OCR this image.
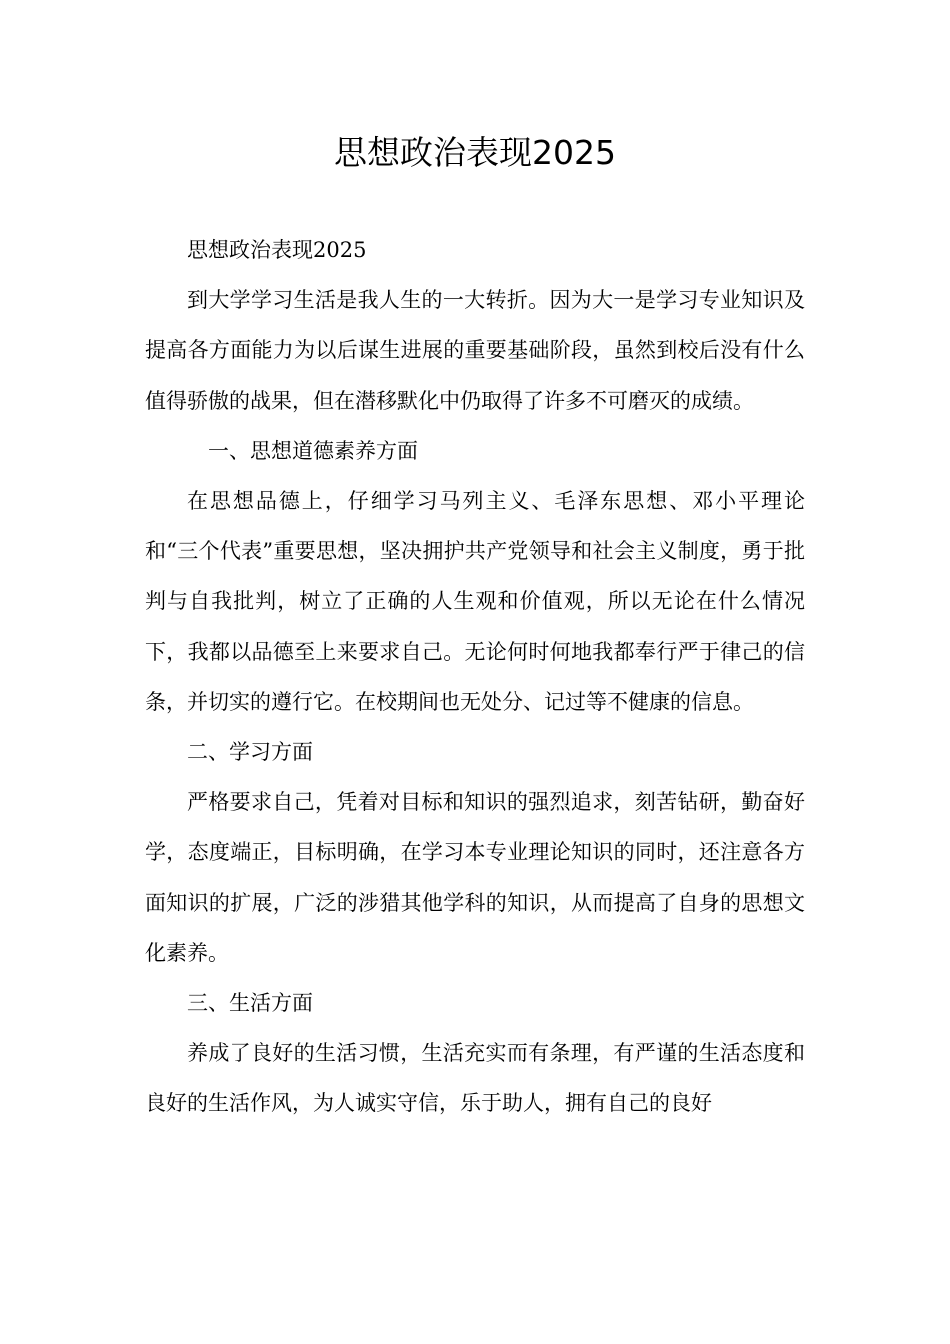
思想政治表现2025

思想政治表现2025

到大学学习生活是我人生的一大转折。因为大一是学习专业知识及提高各方面能力为以后谋生进展的重要基础阶段，虽然到校后没有什么值得骄傲的战果，但在潜移默化中仍取得了许多不可磨灭的成绩。

一、思想道德素养方面

在思想品德上，仔细学习马列主义、毛泽东思想、邓小平理论和“三个代表”重要思想，坚决拥护共产党领导和社会主义制度，勇于批判与自我批判，树立了正确的人生观和价值观，所以无论在什么情况下，我都以品德至上来要求自己。无论何时何地我都奉行严于律己的信条，并切实的遵行它。在校期间也无处分、记过等不健康的信息。

二、学习方面

严格要求自己，凭着对目标和知识的强烈追求，刻苦钻研，勤奋好学，态度端正，目标明确，在学习本专业理论知识的同时，还注意各方面知识的扩展，广泛的涉猎其他学科的知识，从而提高了自身的思想文化素养。

三、生活方面

养成了良好的生活习惯，生活充实而有条理，有严谨的生活态度和良好的生活作风，为人诚实守信，乐于助人，拥有自己的良好
